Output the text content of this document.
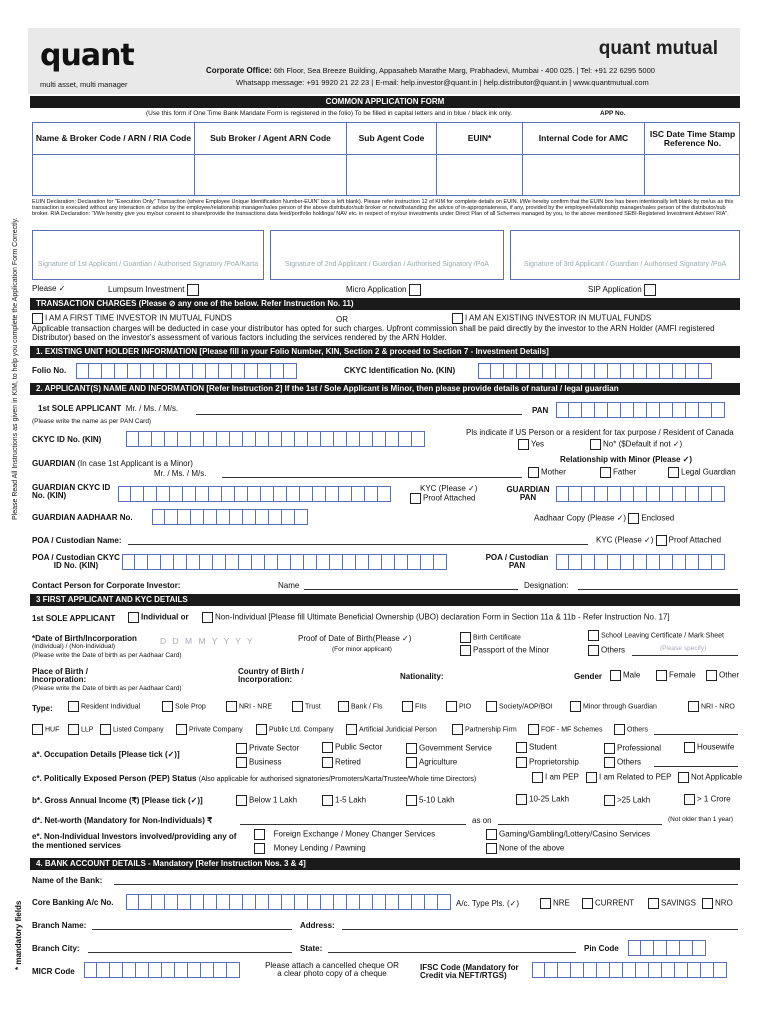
quant
multi asset, multi manager
quant mutual
Corporate Office: 6th Floor, Sea Breeze Building, Appasaheb Marathe Marg, Prabhadevi, Mumbai - 400 025. | Tel: +91 22 6295 5000
Whatsapp message: +91 9920 21 22 23 | E-mail: help.investor@quant.in | help.distributor@quant.in | www.quantmutual.com
COMMON APPLICATION FORM
(Use this form if One Time Bank Mandate Form is registered in the folio) To be filled in capital letters and in blue / black ink only.	APP No.
Name & Broker Code / ARN / RIA Code	Sub Broker / Agent ARN Code	Sub Agent Code	EUIN*	Internal Code for AMC	ISC Date Time Stamp Reference No.
EUIN Declaration: Declaration for "Execution Only" Transaction (where Employee Unique Identification Number-EUIN" box is left blank). Please refer instruction 12 of KIM for complete details on EUIN. I/We hereby confirm that the EUIN box has been intentionally left blank by me/us as this transaction is executed without any interaction or advice by the employee/relationship manager/sales person of the above distributor/sub broker or notwithstanding the advice of in-appropriateness, if any, provided by the employee/relationship manager/sales person of the distributor/sub broker. RIA Declaration: "I/We hereby give you my/our consent to share/provide the transactions data feed/portfolio holdings/ NAV etc. in respect of my/our investments under Direct Plan of all Schemes managed by you, to the above mentioned SEBI-Registered Investment Adviser/ RIA".
Signature of 1st Applicant / Guardian / Authorised Signatory /PoA/Karta	Signature of 2nd Applicant / Guardian / Authorised Signatory /PoA	Signature of 3rd Applicant / Guardian / Authorised Signatory /PoA
Please ✓	Lumpsum Investment	Micro Application	SIP Application
TRANSACTION CHARGES (Please ⊘ any one of the below. Refer Instruction No. 11)
I AM A FIRST TIME INVESTOR IN MUTUAL FUNDS	OR	I AM AN EXISTING INVESTOR IN MUTUAL FUNDS
Applicable transaction charges will be deducted in case your distributor has opted for such charges. Upfront commission shall be paid directly by the investor to the ARN Holder (AMFI registered Distributor) based on the investor's assessment of various factors including the services rendered by the ARN Holder.
1. EXISTING UNIT HOLDER INFORMATION [Please fill in your Folio Number, KIN, Section 2 & proceed to Section 7 - Investment Details]
Folio No.	CKYC Identification No. (KIN)
2. APPLICANT(S) NAME AND INFORMATION [Refer Instruction 2] If the 1st / Sole Applicant is Minor, then please provide details of natural / legal guardian
1st SOLE APPLICANT Mr. / Ms. / M/s.
(Please write the name as per PAN Card)
PAN
CKYC ID No. (KIN)
Pls indicate if US Person or a resident for tax purpose / Resident of Canada
Yes	No* ($Default if not ✓)
GUARDIAN (In case 1st Applicant is a Minor)
Mr. / Ms. / M/s.
Relationship with Minor (Please ✓)
Mother	Father	Legal Guardian
GUARDIAN CKYC ID No. (KIN)
KYC (Please ✓)
Proof Attached
GUARDIAN PAN
GUARDIAN AADHAAR No.	Aadhaar Copy (Please ✓) Enclosed
POA / Custodian Name:	KYC (Please ✓) Proof Attached
POA / Custodian CKYC ID No. (KIN)
POA / Custodian PAN
Contact Person for Corporate Investor:	Name	Designation:
3 FIRST APPLICANT AND KYC DETAILS
1st SOLE APPLICANT	Individual or	Non-Individual [Please fill Ultimate Beneficial Ownership (UBO) declaration Form in Section 11a & 11b - Refer Instruction No. 17]
*Date of Birth/Incorporation
(Individual) / (Non-Individual)
(Please write the Date of birth as per Aadhaar Card)
D D M M Y Y Y Y	Proof of Date of Birth(Please ✓)
(For minor applicant)
Birth Certificate
Passport of the Minor
School Leaving Certificate / Mark Sheet
Others	(Please specify)
Place of Birth / Incorporation:
(Please write the Date of birth as per Aadhaar Card)
Country of Birth / Incorporation:	Nationality:	Gender	Male	Female	Other
Type:	Resident Individual	Sole Prop	NRI - NRE	Trust	Bank / FIs	FIIs	PIO	Society/AOP/BOI	Minor through Guardian	NRI - NRO
HUF	LLP	Listed Company	Private Company	Public Ltd. Company	Artificial Juridicial Person	Partnership Firm	FOF - MF Schemes	Others
a*. Occupation Details [Please tick (✓)]
Private Sector	Public Sector	Government Service	Student	Professional	Housewife
Business	Retired	Agriculture	Proprietorship	Others
c*. Politically Exposed Person (PEP) Status (Also applicable for authorised signatories/Promoters/Karta/Trustee/Whole time Directors)	I am PEP	I am Related to PEP	Not Applicable
b*. Gross Annual Income (₹) [Please tick (✓)]	Below 1 Lakh	1-5 Lakh	5-10 Lakh	10-25 Lakh	>25 Lakh	> 1 Crore
d*. Net-worth (Mandatory for Non-Individuals) ₹	as on	(Not older than 1 year)
e*. Non-Individual Investors involved/providing any of the mentioned services
Foreign Exchange / Money Changer Services	Gaming/Gambling/Lottery/Casino Services
Money Lending / Pawning	None of the above
4. BANK ACCOUNT DETAILS - Mandatory [Refer Instruction Nos. 3 & 4]
Name of the Bank:
Core Banking A/c No.	A/c. Type Pls. (✓)	NRE	CURRENT	SAVINGS	NRO
Branch Name:	Address:
Branch City:	State:	Pin Code
MICR Code
Please attach a cancelled cheque OR a clear photo copy of a cheque
IFSC Code (Mandatory for Credit via NEFT/RTGS)
Please Read All Instructions as given in KIM, to help you complete the Application Form Correctly.
* mandatory fields
